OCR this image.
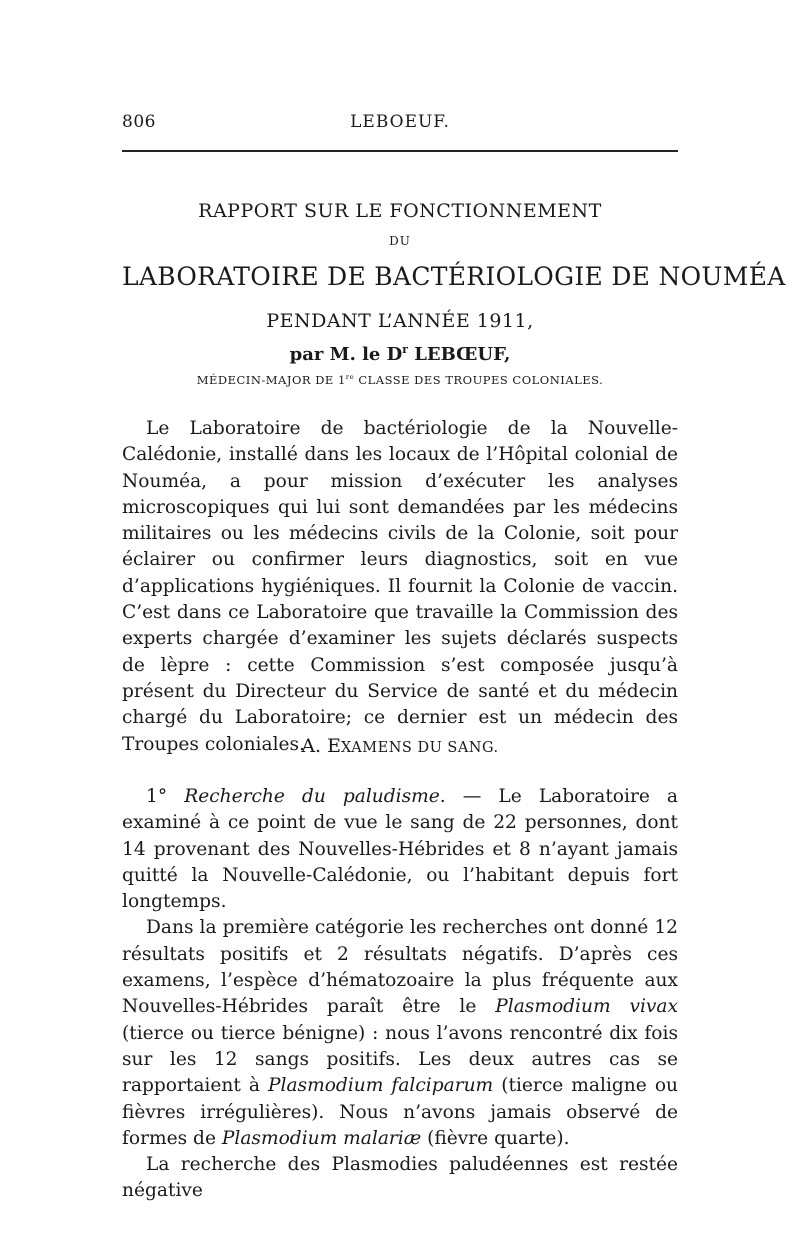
806	LEBOEUF.
RAPPORT SUR LE FONCTIONNEMENT
DU
LABORATOIRE DE BACTÉRIOLOGIE DE NOUMÉA
PENDANT L’ANNÉE 1911,
par M. le $D^r$ LEBŒUF,
MÉDECIN-MAJOR DE 1re CLASSE DES TROUPES COLONIALES.

Le Laboratoire de bactériologie de la Nouvelle-Calédonie, installé dans les locaux de l’Hôpital colonial de Nouméa, a pour mission d’exécuter les analyses microscopiques qui lui sont demandées par les médecins militaires ou les médecins civils de la Colonie, soit pour éclairer ou confirmer leurs diagnostics, soit en vue d’applications hygiéniques. Il fournit la Colonie de vaccin. C’est dans ce Laboratoire que travaille la Commission des experts chargée d’examiner les sujets déclarés suspects de lèpre : cette Commission s’est composée jusqu’à présent du Directeur du Service de santé et du médecin chargé du Laboratoire; ce dernier est un médecin des Troupes coloniales.

A. EXAMENS DU SANG.

1° Recherche du paludisme. — Le Laboratoire a examiné à ce point de vue le sang de 22 personnes, dont 14 provenant des Nouvelles-Hébrides et 8 n’ayant jamais quitté la Nouvelle-Calédonie, ou l’habitant depuis fort longtemps.

Dans la première catégorie les recherches ont donné 12 résultats positifs et 2 résultats négatifs. D’après ces examens, l’espèce d’hématozoaire la plus fréquente aux Nouvelles-Hébrides paraît être le Plasmodium vivax (tierce ou tierce bénigne) : nous l’avons rencontré dix fois sur les 12 sangs positifs. Les deux autres cas se rapportaient à Plasmodium falciparum (tierce maligne ou fièvres irrégulières). Nous n’avons jamais observé de formes de Plasmodium malariæ (fièvre quarte).

La recherche des Plasmodies paludéennes est restée négative
